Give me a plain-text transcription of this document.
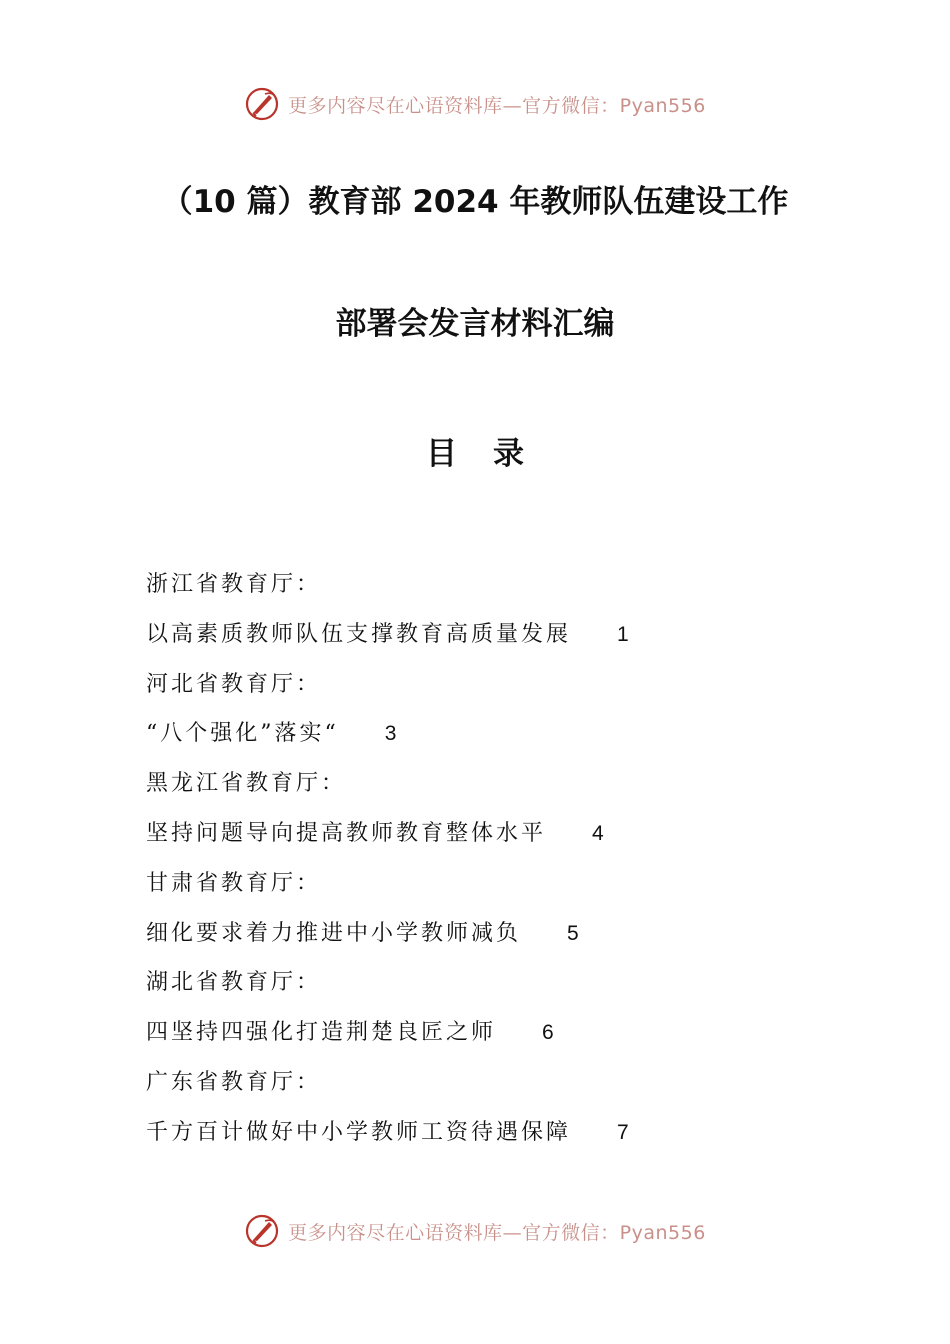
更多内容尽在心语资料库—官方微信：Pyan556
（10 篇）教育部 2024 年教师队伍建设工作
部署会发言材料汇编
目录
浙江省教育厅：
以高素质教师队伍支撑教育高质量发展 1
河北省教育厅：
“八个强化”落实“ 3
黑龙江省教育厅：
坚持问题导向提高教师教育整体水平 4
甘肃省教育厅：
细化要求着力推进中小学教师减负 5
湖北省教育厅：
四坚持四强化打造荆楚良匠之师 6
广东省教育厅：
千方百计做好中小学教师工资待遇保障 7
更多内容尽在心语资料库—官方微信：Pyan556
